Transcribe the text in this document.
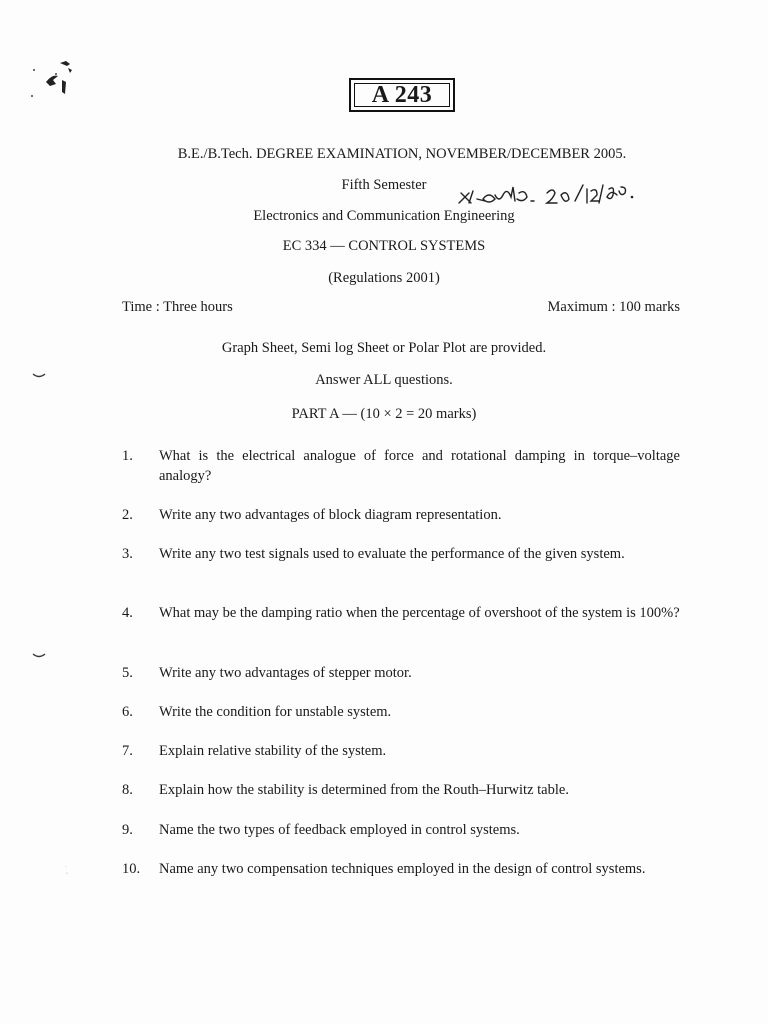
A 243
B.E./B.Tech. DEGREE EXAMINATION, NOVEMBER/DECEMBER 2005.
Fifth Semester	20/12/05
Electronics and Communication Engineering
EC 334 — CONTROL SYSTEMS
(Regulations 2001)
Time : Three hours	Maximum : 100 marks
Graph Sheet, Semi log Sheet or Polar Plot are provided.
Answer ALL questions.
PART A — (10 × 2 = 20 marks)
1.	What is the electrical analogue of force and rotational damping in torque–voltage analogy?
2.	Write any two advantages of block diagram representation.
3.	Write any two test signals used to evaluate the performance of the given system.
4.	What may be the damping ratio when the percentage of overshoot of the system is 100%?
5.	Write any two advantages of stepper motor.
6.	Write the condition for unstable system.
7.	Explain relative stability of the system.
8.	Explain how the stability is determined from the Routh–Hurwitz table.
9.	Name the two types of feedback employed in control systems.
10.	Name any two compensation techniques employed in the design of control systems.
